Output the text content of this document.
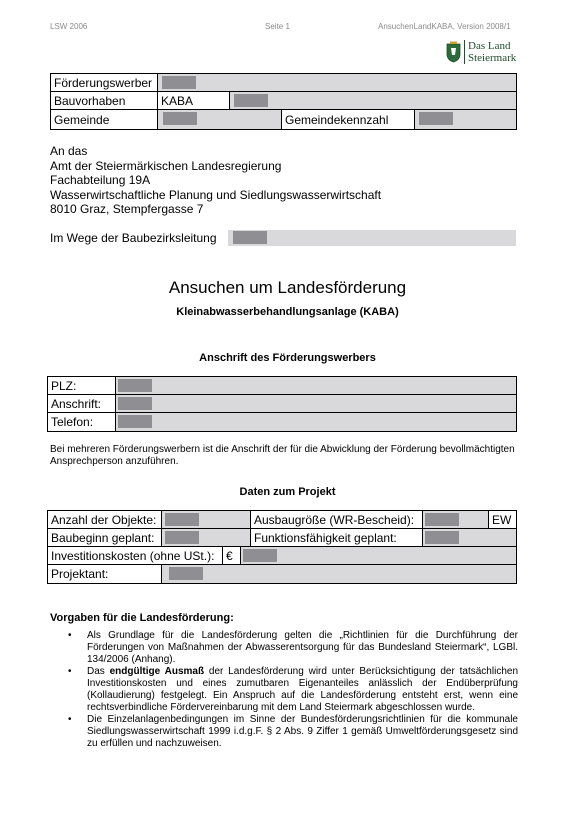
LSW 2006	Seite 1	AnsuchenLandKABA, Version 2008/1
Das Land
Steiermark
Förderungswerber
Bauvorhaben	KABA
Gemeinde	Gemeindekennzahl
An das
Amt der Steiermärkischen Landesregierung
Fachabteilung 19A
Wasserwirtschaftliche Planung und Siedlungswasserwirtschaft
8010 Graz, Stempfergasse 7
Im Wege der Baubezirksleitung
Ansuchen um Landesförderung
Kleinabwasserbehandlungsanlage (KABA)
Anschrift des Förderungswerbers
PLZ:
Anschrift:
Telefon:
Bei mehreren Förderungswerbern ist die Anschrift der für die Abwicklung der Förderung bevollmächtigten Ansprechperson anzuführen.
Daten zum Projekt
Anzahl der Objekte:	Ausbaugröße (WR-Bescheid):	EW
Baubeginn geplant:	Funktionsfähigkeit geplant:
Investitionskosten (ohne USt.): €
Projektant:
Vorgaben für die Landesförderung:
• Als Grundlage für die Landesförderung gelten die „Richtlinien für die Durchführung der Förderungen von Maßnahmen der Abwasserentsorgung für das Bundesland Steiermark“, LGBl. 134/2006 (Anhang).
• Das endgültige Ausmaß der Landesförderung wird unter Berücksichtigung der tatsächlichen Investitionskosten und eines zumutbaren Eigenanteiles anlässlich der Endüberprüfung (Kollaudierung) festgelegt. Ein Anspruch auf die Landesförderung entsteht erst, wenn eine rechtsverbindliche Fördervereinbarung mit dem Land Steiermark abgeschlossen wurde.
• Die Einzelanlagenbedingungen im Sinne der Bundesförderungsrichtlinien für die kommunale Siedlungswasserwirtschaft 1999 i.d.g.F. § 2 Abs. 9 Ziffer 1 gemäß Umweltförderungsgesetz sind zu erfüllen und nachzuweisen.
